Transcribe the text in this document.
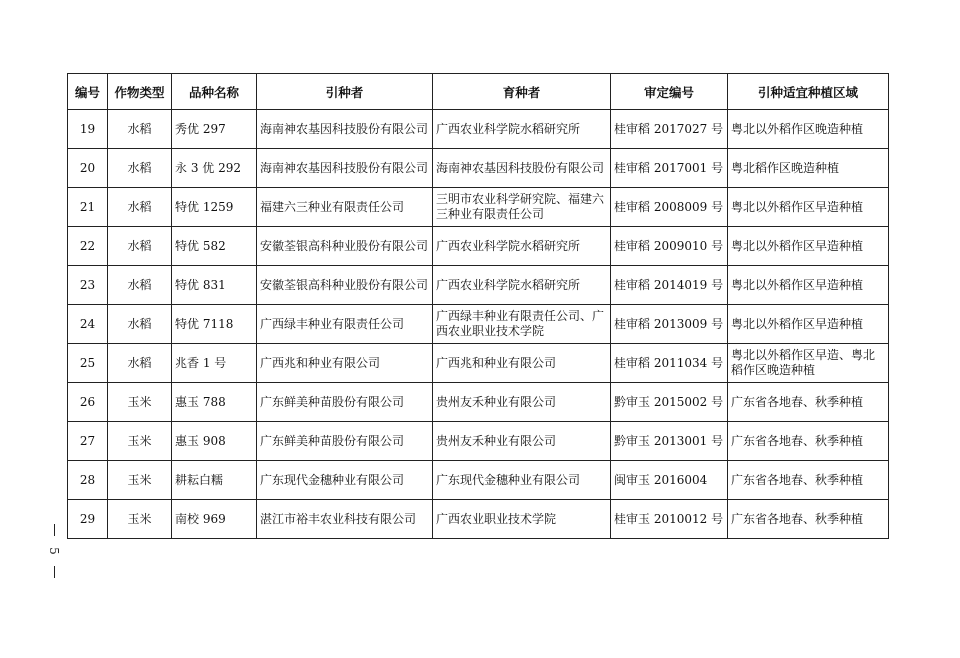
编号	作物类型	品种名称	引种者	育种者	审定编号	引种适宜种植区域
19	水稻	秀优 297	海南神农基因科技股份有限公司	广西农业科学院水稻研究所	桂审稻 2017027 号	粤北以外稻作区晚造种植
20	水稻	永 3 优 292	海南神农基因科技股份有限公司	海南神农基因科技股份有限公司	桂审稻 2017001 号	粤北稻作区晚造种植
21	水稻	特优 1259	福建六三种业有限责任公司	三明市农业科学研究院、福建六三种业有限责任公司	桂审稻 2008009 号	粤北以外稻作区早造种植
22	水稻	特优 582	安徽荃银高科种业股份有限公司	广西农业科学院水稻研究所	桂审稻 2009010 号	粤北以外稻作区早造种植
23	水稻	特优 831	安徽荃银高科种业股份有限公司	广西农业科学院水稻研究所	桂审稻 2014019 号	粤北以外稻作区早造种植
24	水稻	特优 7118	广西绿丰种业有限责任公司	广西绿丰种业有限责任公司、广西农业职业技术学院	桂审稻 2013009 号	粤北以外稻作区早造种植
25	水稻	兆香 1 号	广西兆和种业有限公司	广西兆和种业有限公司	桂审稻 2011034 号	粤北以外稻作区早造、粤北稻作区晚造种植
26	玉米	惠玉 788	广东鲜美种苗股份有限公司	贵州友禾种业有限公司	黔审玉 2015002 号	广东省各地春、秋季种植
27	玉米	惠玉 908	广东鲜美种苗股份有限公司	贵州友禾种业有限公司	黔审玉 2013001 号	广东省各地春、秋季种植
28	玉米	耕耘白糯	广东现代金穗种业有限公司	广东现代金穗种业有限公司	闽审玉 2016004	广东省各地春、秋季种植
29	玉米	南校 969	湛江市裕丰农业科技有限公司	广西农业职业技术学院	桂审玉 2010012 号	广东省各地春、秋季种植
5
